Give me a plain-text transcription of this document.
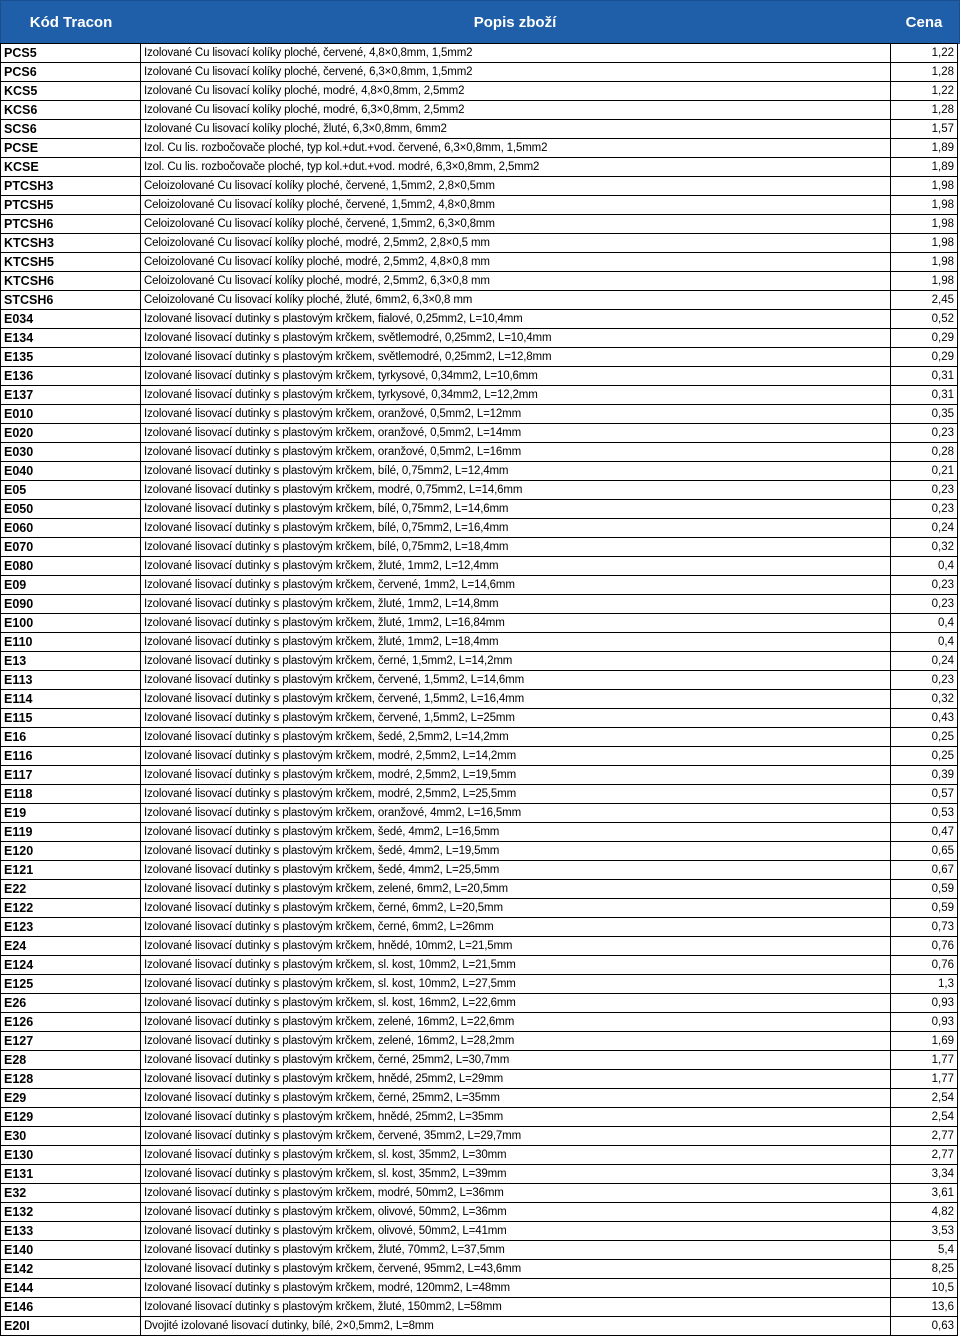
Kód Tracon	Popis zboží	Cena
PCS5	Izolované Cu lisovací kolíky ploché, červené, 4,8×0,8mm, 1,5mm2	1,22
PCS6	Izolované Cu lisovací kolíky ploché, červené, 6,3×0,8mm, 1,5mm2	1,28
KCS5	Izolované Cu lisovací kolíky ploché, modré, 4,8×0,8mm, 2,5mm2	1,22
KCS6	Izolované Cu lisovací kolíky ploché, modré, 6,3×0,8mm, 2,5mm2	1,28
SCS6	Izolované Cu lisovací kolíky ploché, žluté, 6,3×0,8mm, 6mm2	1,57
PCSE	Izol. Cu lis. rozbočovače ploché, typ kol.+dut.+vod. červené, 6,3×0,8mm, 1,5mm2	1,89
KCSE	Izol. Cu lis. rozbočovače ploché, typ kol.+dut.+vod. modré, 6,3×0,8mm, 2,5mm2	1,89
PTCSH3	Celoizolované Cu lisovací kolíky ploché, červené, 1,5mm2, 2,8×0,5mm	1,98
PTCSH5	Celoizolované Cu lisovací kolíky ploché, červené, 1,5mm2, 4,8×0,8mm	1,98
PTCSH6	Celoizolované Cu lisovací kolíky ploché, červené, 1,5mm2, 6,3×0,8mm	1,98
KTCSH3	Celoizolované Cu lisovací kolíky ploché, modré, 2,5mm2, 2,8×0,5 mm	1,98
KTCSH5	Celoizolované Cu lisovací kolíky ploché, modré, 2,5mm2, 4,8×0,8 mm	1,98
KTCSH6	Celoizolované Cu lisovací kolíky ploché, modré, 2,5mm2, 6,3×0,8 mm	1,98
STCSH6	Celoizolované Cu lisovací kolíky ploché, žluté, 6mm2, 6,3×0,8 mm	2,45
E034	Izolované lisovací dutinky s plastovým krčkem, fialové, 0,25mm2, L=10,4mm	0,52
E134	Izolované lisovací dutinky s plastovým krčkem, světlemodré, 0,25mm2, L=10,4mm	0,29
E135	Izolované lisovací dutinky s plastovým krčkem, světlemodré, 0,25mm2, L=12,8mm	0,29
E136	Izolované lisovací dutinky s plastovým krčkem, tyrkysové, 0,34mm2, L=10,6mm	0,31
E137	Izolované lisovací dutinky s plastovým krčkem, tyrkysové, 0,34mm2, L=12,2mm	0,31
E010	Izolované lisovací dutinky s plastovým krčkem, oranžové, 0,5mm2, L=12mm	0,35
E020	Izolované lisovací dutinky s plastovým krčkem, oranžové, 0,5mm2, L=14mm	0,23
E030	Izolované lisovací dutinky s plastovým krčkem, oranžové, 0,5mm2, L=16mm	0,28
E040	Izolované lisovací dutinky s plastovým krčkem, bílé, 0,75mm2, L=12,4mm	0,21
E05	Izolované lisovací dutinky s plastovým krčkem, modré, 0,75mm2, L=14,6mm	0,23
E050	Izolované lisovací dutinky s plastovým krčkem, bílé, 0,75mm2, L=14,6mm	0,23
E060	Izolované lisovací dutinky s plastovým krčkem, bílé, 0,75mm2, L=16,4mm	0,24
E070	Izolované lisovací dutinky s plastovým krčkem, bílé, 0,75mm2, L=18,4mm	0,32
E080	Izolované lisovací dutinky s plastovým krčkem, žluté, 1mm2, L=12,4mm	0,4
E09	Izolované lisovací dutinky s plastovým krčkem, červené, 1mm2, L=14,6mm	0,23
E090	Izolované lisovací dutinky s plastovým krčkem, žluté, 1mm2, L=14,8mm	0,23
E100	Izolované lisovací dutinky s plastovým krčkem, žluté, 1mm2, L=16,84mm	0,4
E110	Izolované lisovací dutinky s plastovým krčkem, žluté, 1mm2, L=18,4mm	0,4
E13	Izolované lisovací dutinky s plastovým krčkem, černé, 1,5mm2, L=14,2mm	0,24
E113	Izolované lisovací dutinky s plastovým krčkem, červené, 1,5mm2, L=14,6mm	0,23
E114	Izolované lisovací dutinky s plastovým krčkem, červené, 1,5mm2, L=16,4mm	0,32
E115	Izolované lisovací dutinky s plastovým krčkem, červené, 1,5mm2, L=25mm	0,43
E16	Izolované lisovací dutinky s plastovým krčkem, šedé, 2,5mm2, L=14,2mm	0,25
E116	Izolované lisovací dutinky s plastovým krčkem, modré, 2,5mm2, L=14,2mm	0,25
E117	Izolované lisovací dutinky s plastovým krčkem, modré, 2,5mm2, L=19,5mm	0,39
E118	Izolované lisovací dutinky s plastovým krčkem, modré, 2,5mm2, L=25,5mm	0,57
E19	Izolované lisovací dutinky s plastovým krčkem, oranžové, 4mm2, L=16,5mm	0,53
E119	Izolované lisovací dutinky s plastovým krčkem, šedé, 4mm2, L=16,5mm	0,47
E120	Izolované lisovací dutinky s plastovým krčkem, šedé, 4mm2, L=19,5mm	0,65
E121	Izolované lisovací dutinky s plastovým krčkem, šedé, 4mm2, L=25,5mm	0,67
E22	Izolované lisovací dutinky s plastovým krčkem, zelené, 6mm2, L=20,5mm	0,59
E122	Izolované lisovací dutinky s plastovým krčkem, černé, 6mm2, L=20,5mm	0,59
E123	Izolované lisovací dutinky s plastovým krčkem, černé, 6mm2, L=26mm	0,73
E24	Izolované lisovací dutinky s plastovým krčkem, hnědé, 10mm2, L=21,5mm	0,76
E124	Izolované lisovací dutinky s plastovým krčkem, sl. kost, 10mm2, L=21,5mm	0,76
E125	Izolované lisovací dutinky s plastovým krčkem, sl. kost, 10mm2, L=27,5mm	1,3
E26	Izolované lisovací dutinky s plastovým krčkem, sl. kost, 16mm2, L=22,6mm	0,93
E126	Izolované lisovací dutinky s plastovým krčkem, zelené, 16mm2, L=22,6mm	0,93
E127	Izolované lisovací dutinky s plastovým krčkem, zelené, 16mm2, L=28,2mm	1,69
E28	Izolované lisovací dutinky s plastovým krčkem, černé, 25mm2, L=30,7mm	1,77
E128	Izolované lisovací dutinky s plastovým krčkem, hnědé, 25mm2, L=29mm	1,77
E29	Izolované lisovací dutinky s plastovým krčkem, černé, 25mm2, L=35mm	2,54
E129	Izolované lisovací dutinky s plastovým krčkem, hnědé, 25mm2, L=35mm	2,54
E30	Izolované lisovací dutinky s plastovým krčkem, červené, 35mm2, L=29,7mm	2,77
E130	Izolované lisovací dutinky s plastovým krčkem, sl. kost, 35mm2, L=30mm	2,77
E131	Izolované lisovací dutinky s plastovým krčkem, sl. kost, 35mm2, L=39mm	3,34
E32	Izolované lisovací dutinky s plastovým krčkem, modré, 50mm2, L=36mm	3,61
E132	Izolované lisovací dutinky s plastovým krčkem, olivové, 50mm2, L=36mm	4,82
E133	Izolované lisovací dutinky s plastovým krčkem, olivové, 50mm2, L=41mm	3,53
E140	Izolované lisovací dutinky s plastovým krčkem, žluté, 70mm2, L=37,5mm	5,4
E142	Izolované lisovací dutinky s plastovým krčkem, červené, 95mm2, L=43,6mm	8,25
E144	Izolované lisovací dutinky s plastovým krčkem, modré, 120mm2, L=48mm	10,5
E146	Izolované lisovací dutinky s plastovým krčkem, žluté, 150mm2, L=58mm	13,6
E20I	Dvojité izolované lisovací dutinky, bílé, 2×0,5mm2, L=8mm	0,63
